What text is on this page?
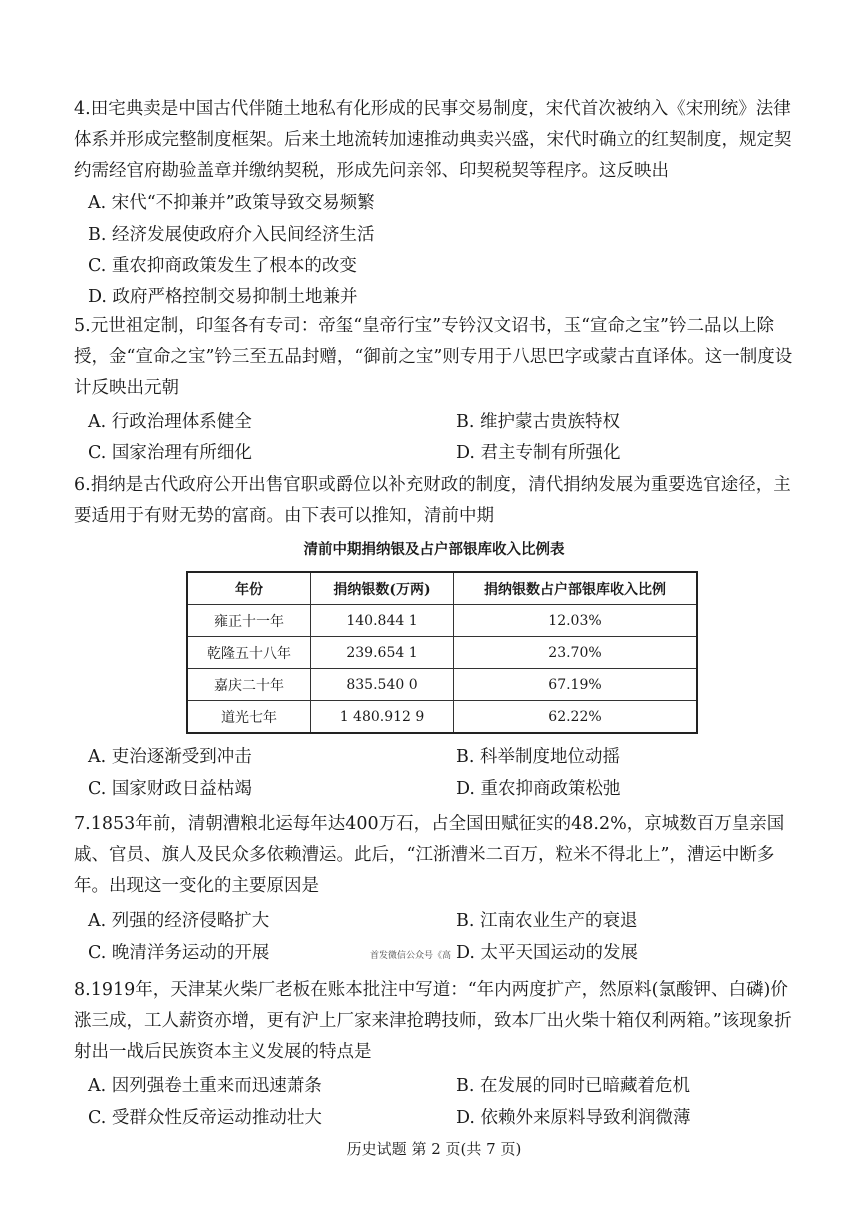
4.田宅典卖是中国古代伴随土地私有化形成的民事交易制度，宋代首次被纳入《宋刑统》法律体系并形成完整制度框架。后来土地流转加速推动典卖兴盛，宋代时确立的红契制度，规定契约需经官府勘验盖章并缴纳契税，形成先问亲邻、印契税契等程序。这反映出

A. 宋代“不抑兼并”政策导致交易频繁
B. 经济发展使政府介入民间经济生活
C. 重农抑商政策发生了根本的改变
D. 政府严格控制交易抑制土地兼并

5.元世祖定制，印玺各有专司：帝玺“皇帝行宝”专钤汉文诏书，玉“宣命之宝”钤二品以上除授，金“宣命之宝”钤三至五品封赠，“御前之宝”则专用于八思巴字或蒙古直译体。这一制度设计反映出元朝

A. 行政治理体系健全	B. 维护蒙古贵族特权
C. 国家治理有所细化	D. 君主专制有所强化

6.捐纳是古代政府公开出售官职或爵位以补充财政的制度，清代捐纳发展为重要选官途径，主要适用于有财无势的富商。由下表可以推知，清前中期

清前中期捐纳银及占户部银库收入比例表
年份	捐纳银数(万两)	捐纳银数占户部银库收入比例
雍正十一年	140.844 1	12.03%
乾隆五十八年	239.654 1	23.70%
嘉庆二十年	835.540 0	67.19%
道光七年	1 480.912 9	62.22%
A. 吏治逐渐受到冲击	B. 科举制度地位动摇
C. 国家财政日益枯竭	D. 重农抑商政策松弛

7.1853年前，清朝漕粮北运每年达400万石，占全国田赋征实的48.2%，京城数百万皇亲国戚、官员、旗人及民众多依赖漕运。此后，“江浙漕米二百万，粒米不得北上”，漕运中断多年。出现这一变化的主要原因是

A. 列强的经济侵略扩大	B. 江南农业生产的衰退
C. 晚清洋务运动的开展	首发微信公众号《高 D. 太平天国运动的发展

8.1919年，天津某火柴厂老板在账本批注中写道：“年内两度扩产，然原料(氯酸钾、白磷)价涨三成，工人薪资亦增，更有沪上厂家来津抢聘技师，致本厂出火柴十箱仅利两箱。”该现象折射出一战后民族资本主义发展的特点是

A. 因列强卷土重来而迅速萧条	B. 在发展的同时已暗藏着危机
C. 受群众性反帝运动推动壮大	D. 依赖外来原料导致利润微薄
历史试题 第 2 页(共 7 页)
